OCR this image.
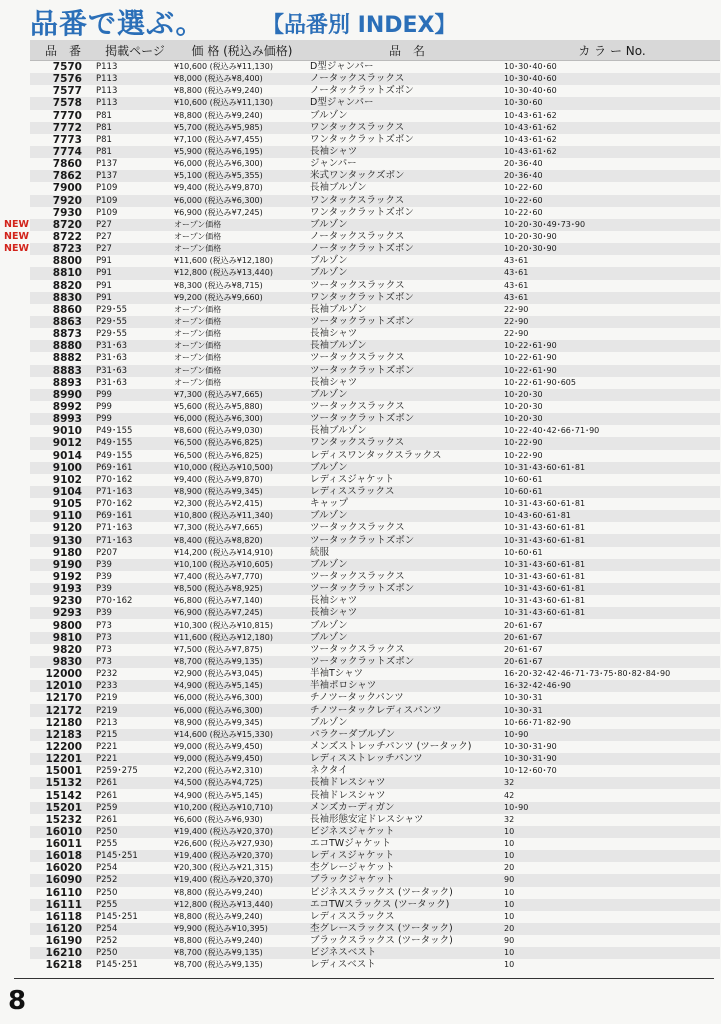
品番で選ぶ。	【品番別 INDEX】
品　番	掲載ページ	価 格 (税込み価格)	品　名	カ ラ ー No.
7570	P113	¥10,600 (税込み¥11,130)	D型ジャンパー	10･30･40･60
7576	P113	¥8,000 (税込み¥8,400)	ノータックスラックス	10･30･40･60
7577	P113	¥8,800 (税込み¥9,240)	ノータックラットズボン	10･30･40･60
7578	P113	¥10,600 (税込み¥11,130)	D型ジャンパー	10･30･60
7770	P81	¥8,800 (税込み¥9,240)	ブルゾン	10･43･61･62
7772	P81	¥5,700 (税込み¥5,985)	ワンタックスラックス	10･43･61･62
7773	P81	¥7,100 (税込み¥7,455)	ワンタックラットズボン	10･43･61･62
7774	P81	¥5,900 (税込み¥6,195)	長袖シャツ	10･43･61･62
7860	P137	¥6,000 (税込み¥6,300)	ジャンパー	20･36･40
7862	P137	¥5,100 (税込み¥5,355)	米式ワンタックズボン	20･36･40
7900	P109	¥9,400 (税込み¥9,870)	長袖ブルゾン	10･22･60
7920	P109	¥6,000 (税込み¥6,300)	ワンタックスラックス	10･22･60
7930	P109	¥6,900 (税込み¥7,245)	ワンタックラットズボン	10･22･60
NEW	8720	P27	オープン価格	ブルゾン	10･20･30･49･73･90
NEW	8722	P27	オープン価格	ノータックスラックス	10･20･30･90
NEW	8723	P27	オープン価格	ノータックラットズボン	10･20･30･90
8800	P91	¥11,600 (税込み¥12,180)	ブルゾン	43･61
8810	P91	¥12,800 (税込み¥13,440)	ブルゾン	43･61
8820	P91	¥8,300 (税込み¥8,715)	ツータックスラックス	43･61
8830	P91	¥9,200 (税込み¥9,660)	ワンタックラットズボン	43･61
8860	P29･55	オープン価格	長袖ブルゾン	22･90
8863	P29･55	オープン価格	ツータックラットズボン	22･90
8873	P29･55	オープン価格	長袖シャツ	22･90
8880	P31･63	オープン価格	長袖ブルゾン	10･22･61･90
8882	P31･63	オープン価格	ツータックスラックス	10･22･61･90
8883	P31･63	オープン価格	ツータックラットズボン	10･22･61･90
8893	P31･63	オープン価格	長袖シャツ	10･22･61･90･605
8990	P99	¥7,300 (税込み¥7,665)	ブルゾン	10･20･30
8992	P99	¥5,600 (税込み¥5,880)	ツータックスラックス	10･20･30
8993	P99	¥6,000 (税込み¥6,300)	ツータックラットズボン	10･20･30
9010	P49･155	¥8,600 (税込み¥9,030)	長袖ブルゾン	10･22･40･42･66･71･90
9012	P49･155	¥6,500 (税込み¥6,825)	ワンタックスラックス	10･22･90
9014	P49･155	¥6,500 (税込み¥6,825)	レディスワンタックスラックス	10･22･90
9100	P69･161	¥10,000 (税込み¥10,500)	ブルゾン	10･31･43･60･61･81
9102	P70･162	¥9,400 (税込み¥9,870)	レディスジャケット	10･60･61
9104	P71･163	¥8,900 (税込み¥9,345)	レディススラックス	10･60･61
9105	P70･162	¥2,300 (税込み¥2,415)	キャップ	10･31･43･60･61･81
9110	P69･161	¥10,800 (税込み¥11,340)	ブルゾン	10･43･60･61･81
9120	P71･163	¥7,300 (税込み¥7,665)	ツータックスラックス	10･31･43･60･61･81
9130	P71･163	¥8,400 (税込み¥8,820)	ツータックラットズボン	10･31･43･60･61･81
9180	P207	¥14,200 (税込み¥14,910)	続服	10･60･61
9190	P39	¥10,100 (税込み¥10,605)	ブルゾン	10･31･43･60･61･81
9192	P39	¥7,400 (税込み¥7,770)	ツータックスラックス	10･31･43･60･61･81
9193	P39	¥8,500 (税込み¥8,925)	ツータックラットズボン	10･31･43･60･61･81
9230	P70･162	¥6,800 (税込み¥7,140)	長袖シャツ	10･31･43･60･61･81
9293	P39	¥6,900 (税込み¥7,245)	長袖シャツ	10･31･43･60･61･81
9800	P73	¥10,300 (税込み¥10,815)	ブルゾン	20･61･67
9810	P73	¥11,600 (税込み¥12,180)	ブルゾン	20･61･67
9820	P73	¥7,500 (税込み¥7,875)	ツータックスラックス	20･61･67
9830	P73	¥8,700 (税込み¥9,135)	ツータックラットズボン	20･61･67
12000	P232	¥2,900 (税込み¥3,045)	半袖Tシャツ	16･20･32･42･46･71･73･75･80･82･84･90
12010	P233	¥4,900 (税込み¥5,145)	半袖ポロシャツ	16･32･42･46･90
12170	P219	¥6,000 (税込み¥6,300)	チノツータックパンツ	10･30･31
12172	P219	¥6,000 (税込み¥6,300)	チノツータックレディスパンツ	10･30･31
12180	P213	¥8,900 (税込み¥9,345)	ブルゾン	10･66･71･82･90
12183	P215	¥14,600 (税込み¥15,330)	パラクーダブルゾン	10･90
12200	P221	¥9,000 (税込み¥9,450)	メンズストレッチパンツ (ツータック)	10･30･31･90
12201	P221	¥9,000 (税込み¥9,450)	レディスストレッチパンツ	10･30･31･90
15001	P259･275	¥2,200 (税込み¥2,310)	ネクタイ	10･12･60･70
15132	P261	¥4,500 (税込み¥4,725)	長袖ドレスシャツ	32
15142	P261	¥4,900 (税込み¥5,145)	長袖ドレスシャツ	42
15201	P259	¥10,200 (税込み¥10,710)	メンズカーディガン	10･90
15232	P261	¥6,600 (税込み¥6,930)	長袖形態安定ドレスシャツ	32
16010	P250	¥19,400 (税込み¥20,370)	ビジネスジャケット	10
16011	P255	¥26,600 (税込み¥27,930)	エコTWジャケット	10
16018	P145･251	¥19,400 (税込み¥20,370)	レディスジャケット	10
16020	P254	¥20,300 (税込み¥21,315)	杢グレージャケット	20
16090	P252	¥19,400 (税込み¥20,370)	ブラックジャケット	90
16110	P250	¥8,800 (税込み¥9,240)	ビジネススラックス (ツータック)	10
16111	P255	¥12,800 (税込み¥13,440)	エコTWスラックス (ツータック)	10
16118	P145･251	¥8,800 (税込み¥9,240)	レディススラックス	10
16120	P254	¥9,900 (税込み¥10,395)	杢グレースラックス (ツータック)	20
16190	P252	¥8,800 (税込み¥9,240)	ブラックスラックス (ツータック)	90
16210	P250	¥8,700 (税込み¥9,135)	ビジネスベスト	10
16218	P145･251	¥8,700 (税込み¥9,135)	レディスベスト	10
8
